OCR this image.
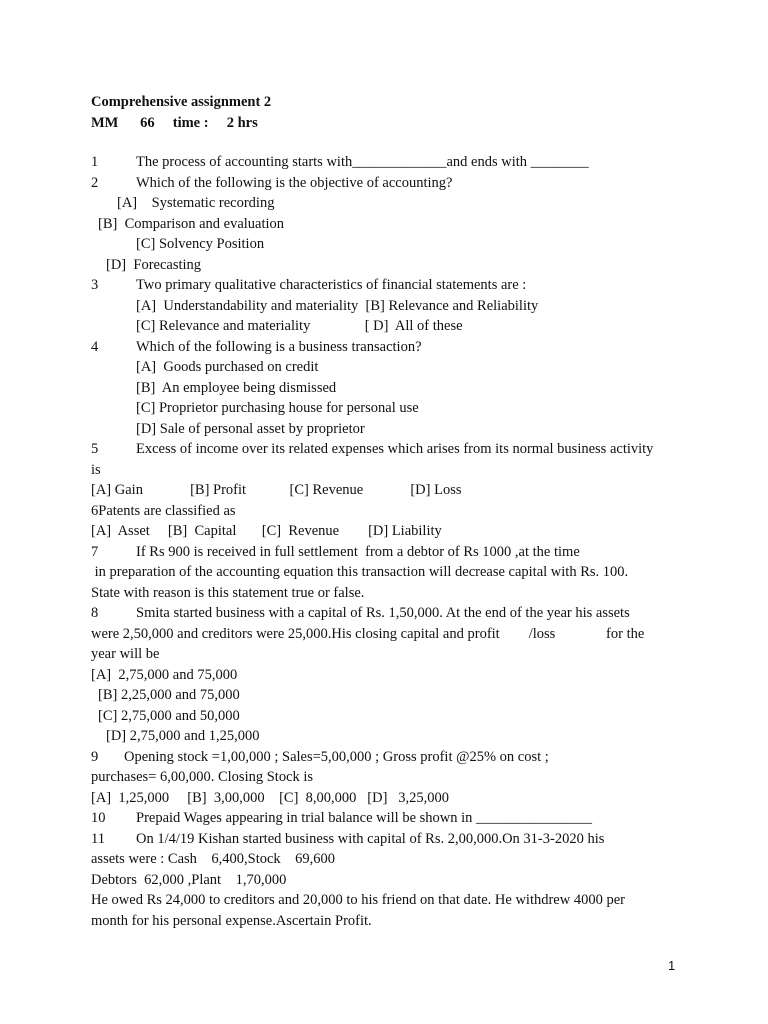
Comprehensive assignment 2

MM      66     time :     2 hrs

1	The process of accounting starts with_____________and ends with ________

2	Which of the following is the objective of accounting?

[A]    Systematic recording

[B]  Comparison and evaluation

[C] Solvency Position

[D]  Forecasting

3	Two primary qualitative characteristics of financial statements are :

[A]  Understandability and materiality  [B] Relevance and Reliability

[C] Relevance and materiality               [ D]  All of these

4	Which of the following is a business transaction?

[A]  Goods purchased on credit

[B]  An employee being dismissed

[C] Proprietor purchasing house for personal use

[D] Sale of personal asset by proprietor

5	Excess of income over its related expenses which arises from its normal business activity

is

[A] Gain             [B] Profit            [C] Revenue             [D] Loss

6Patents are classified as

[A]  Asset     [B]  Capital       [C]  Revenue        [D] Liability

7	If Rs 900 is received in full settlement  from a debtor of Rs 1000 ,at the time

in preparation of the accounting equation this transaction will decrease capital with Rs. 100.

State with reason is this statement true or false.

8	Smita started business with a capital of Rs. 1,50,000. At the end of the year his assets

were 2,50,000 and creditors were 25,000.His closing capital and profit        /loss              for the

year will be

[A]  2,75,000 and 75,000

[B] 2,25,000 and 75,000

[C] 2,75,000 and 50,000

[D] 2,75,000 and 1,25,000

9 Opening stock =1,00,000 ; Sales=5,00,000 ; Gross profit @25% on cost ;

purchases= 6,00,000. Closing Stock is

[A]  1,25,000     [B]  3,00,000    [C]  8,00,000   [D]   3,25,000

10 Prepaid Wages appearing in trial balance will be shown in ________________

11 On 1/4/19 Kishan started business with capital of Rs. 2,00,000.On 31-3-2020 his

assets were : Cash    6,400,Stock    69,600

Debtors  62,000 ,Plant    1,70,000

He owed Rs 24,000 to creditors and 20,000 to his friend on that date. He withdrew 4000 per

month for his personal expense.Ascertain Profit.

1
